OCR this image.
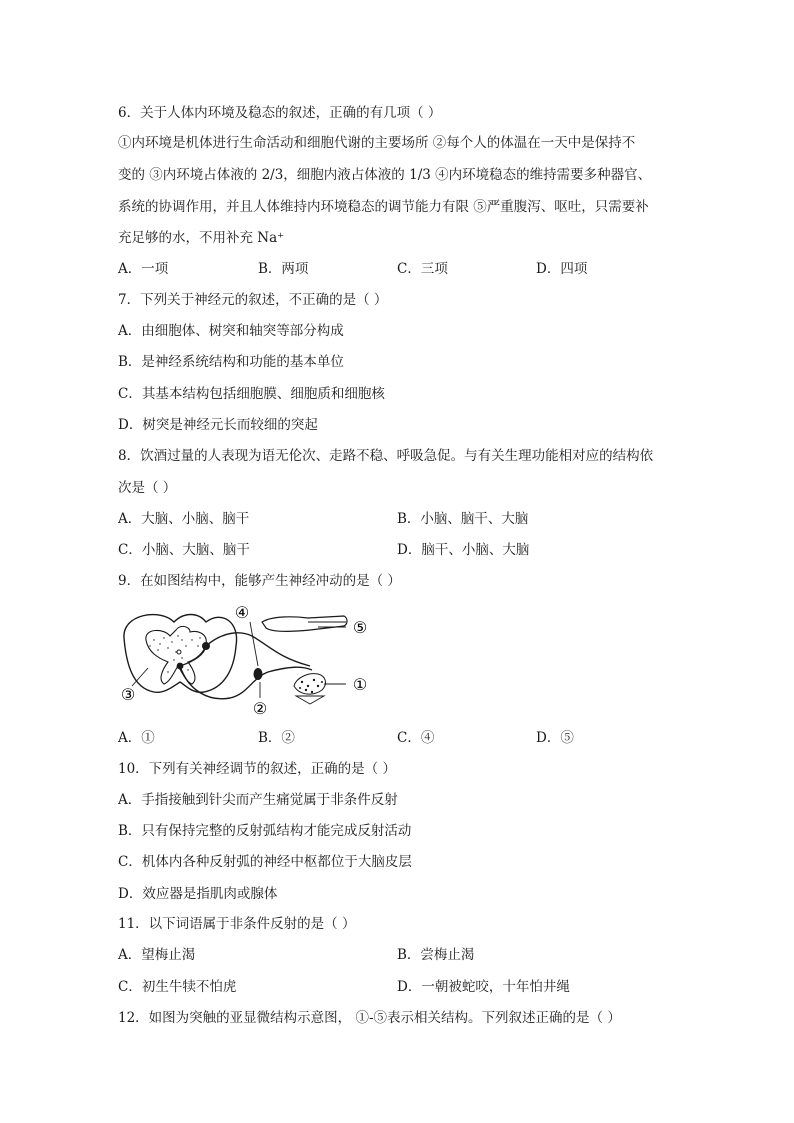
6．关于人体内环境及稳态的叙述，正确的有几项（ ）
①内环境是机体进行生命活动和细胞代谢的主要场所 ②每个人的体温在一天中是保持不
变的 ③内环境占体液的 2/3，细胞内液占体液的 1/3 ④内环境稳态的维持需要多种器官、
系统的协调作用，并且人体维持内环境稳态的调节能力有限 ⑤严重腹泻、呕吐，只需要补
充足够的水，不用补充 Na⁺
A．一项	B．两项	C．三项	D．四项
7．下列关于神经元的叙述，不正确的是（ ）
A．由细胞体、树突和轴突等部分构成
B．是神经系统结构和功能的基本单位
C．其基本结构包括细胞膜、细胞质和细胞核
D．树突是神经元长而较细的突起
8．饮酒过量的人表现为语无伦次、走路不稳、呼吸急促。与有关生理功能相对应的结构依
次是（ ）
A．大脑、小脑、脑干	B．小脑、脑干、大脑
C．小脑、大脑、脑干	D．脑干、小脑、大脑
9．在如图结构中，能够产生神经冲动的是（ ）
④
⑤
①
②
③
A．①	B．②	C．④	D．⑤
10．下列有关神经调节的叙述，正确的是（ ）
A．手指接触到针尖而产生痛觉属于非条件反射
B．只有保持完整的反射弧结构才能完成反射活动
C．机体内各种反射弧的神经中枢都位于大脑皮层
D．效应器是指肌肉或腺体
11．以下词语属于非条件反射的是（ ）
A．望梅止渴	B．尝梅止渴
C．初生牛犊不怕虎	D．一朝被蛇咬，十年怕井绳
12．如图为突触的亚显微结构示意图， ①-⑤表示相关结构。下列叙述正确的是（ ）
